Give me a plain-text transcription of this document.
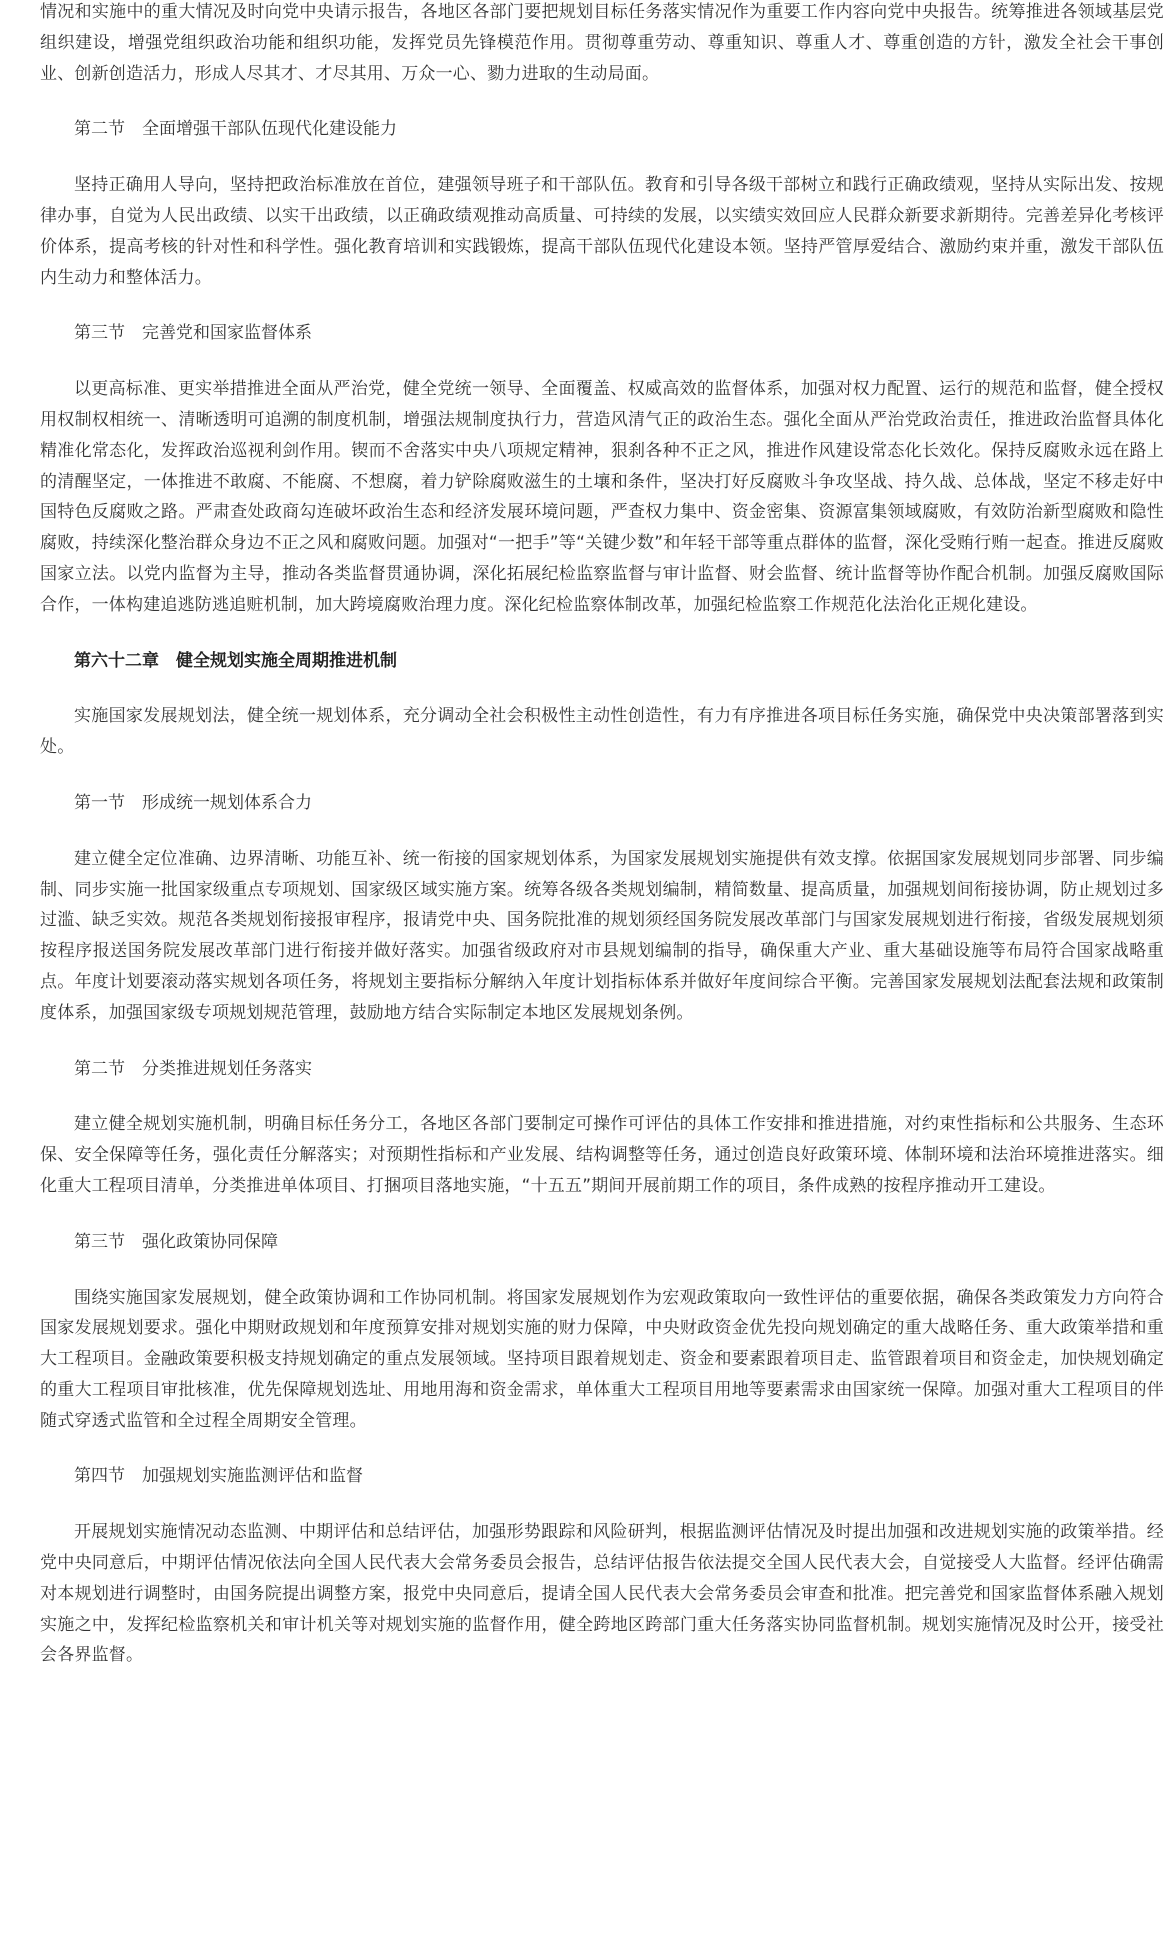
情况和实施中的重大情况及时向党中央请示报告，各地区各部门要把规划目标任务落实情况作为重要工作内容向党中央报告。统筹推进各领域基层党组织建设，增强党组织政治功能和组织功能，发挥党员先锋模范作用。贯彻尊重劳动、尊重知识、尊重人才、尊重创造的方针，激发全社会干事创业、创新创造活力，形成人尽其才、才尽其用、万众一心、勠力进取的生动局面。

第二节　全面增强干部队伍现代化建设能力

坚持正确用人导向，坚持把政治标准放在首位，建强领导班子和干部队伍。教育和引导各级干部树立和践行正确政绩观，坚持从实际出发、按规律办事，自觉为人民出政绩、以实干出政绩，以正确政绩观推动高质量、可持续的发展，以实绩实效回应人民群众新要求新期待。完善差异化考核评价体系，提高考核的针对性和科学性。强化教育培训和实践锻炼，提高干部队伍现代化建设本领。坚持严管厚爱结合、激励约束并重，激发干部队伍内生动力和整体活力。

第三节　完善党和国家监督体系

以更高标准、更实举措推进全面从严治党，健全党统一领导、全面覆盖、权威高效的监督体系，加强对权力配置、运行的规范和监督，健全授权用权制权相统一、清晰透明可追溯的制度机制，增强法规制度执行力，营造风清气正的政治生态。强化全面从严治党政治责任，推进政治监督具体化精准化常态化，发挥政治巡视利剑作用。锲而不舍落实中央八项规定精神，狠刹各种不正之风，推进作风建设常态化长效化。保持反腐败永远在路上的清醒坚定，一体推进不敢腐、不能腐、不想腐，着力铲除腐败滋生的土壤和条件，坚决打好反腐败斗争攻坚战、持久战、总体战，坚定不移走好中国特色反腐败之路。严肃查处政商勾连破坏政治生态和经济发展环境问题，严查权力集中、资金密集、资源富集领域腐败，有效防治新型腐败和隐性腐败，持续深化整治群众身边不正之风和腐败问题。加强对“一把手”等“关键少数”和年轻干部等重点群体的监督，深化受贿行贿一起查。推进反腐败国家立法。以党内监督为主导，推动各类监督贯通协调，深化拓展纪检监察监督与审计监督、财会监督、统计监督等协作配合机制。加强反腐败国际合作，一体构建追逃防逃追赃机制，加大跨境腐败治理力度。深化纪检监察体制改革，加强纪检监察工作规范化法治化正规化建设。

第六十二章　健全规划实施全周期推进机制

实施国家发展规划法，健全统一规划体系，充分调动全社会积极性主动性创造性，有力有序推进各项目标任务实施，确保党中央决策部署落到实处。

第一节　形成统一规划体系合力

建立健全定位准确、边界清晰、功能互补、统一衔接的国家规划体系，为国家发展规划实施提供有效支撑。依据国家发展规划同步部署、同步编制、同步实施一批国家级重点专项规划、国家级区域实施方案。统筹各级各类规划编制，精简数量、提高质量，加强规划间衔接协调，防止规划过多过滥、缺乏实效。规范各类规划衔接报审程序，报请党中央、国务院批准的规划须经国务院发展改革部门与国家发展规划进行衔接，省级发展规划须按程序报送国务院发展改革部门进行衔接并做好落实。加强省级政府对市县规划编制的指导，确保重大产业、重大基础设施等布局符合国家战略重点。年度计划要滚动落实规划各项任务，将规划主要指标分解纳入年度计划指标体系并做好年度间综合平衡。完善国家发展规划法配套法规和政策制度体系，加强国家级专项规划规范管理，鼓励地方结合实际制定本地区发展规划条例。

第二节　分类推进规划任务落实

建立健全规划实施机制，明确目标任务分工，各地区各部门要制定可操作可评估的具体工作安排和推进措施，对约束性指标和公共服务、生态环保、安全保障等任务，强化责任分解落实；对预期性指标和产业发展、结构调整等任务，通过创造良好政策环境、体制环境和法治环境推进落实。细化重大工程项目清单，分类推进单体项目、打捆项目落地实施，“十五五”期间开展前期工作的项目，条件成熟的按程序推动开工建设。

第三节　强化政策协同保障

围绕实施国家发展规划，健全政策协调和工作协同机制。将国家发展规划作为宏观政策取向一致性评估的重要依据，确保各类政策发力方向符合国家发展规划要求。强化中期财政规划和年度预算安排对规划实施的财力保障，中央财政资金优先投向规划确定的重大战略任务、重大政策举措和重大工程项目。金融政策要积极支持规划确定的重点发展领域。坚持项目跟着规划走、资金和要素跟着项目走、监管跟着项目和资金走，加快规划确定的重大工程项目审批核准，优先保障规划选址、用地用海和资金需求，单体重大工程项目用地等要素需求由国家统一保障。加强对重大工程项目的伴随式穿透式监管和全过程全周期安全管理。

第四节　加强规划实施监测评估和监督

开展规划实施情况动态监测、中期评估和总结评估，加强形势跟踪和风险研判，根据监测评估情况及时提出加强和改进规划实施的政策举措。经党中央同意后，中期评估情况依法向全国人民代表大会常务委员会报告，总结评估报告依法提交全国人民代表大会，自觉接受人大监督。经评估确需对本规划进行调整时，由国务院提出调整方案，报党中央同意后，提请全国人民代表大会常务委员会审查和批准。把完善党和国家监督体系融入规划实施之中，发挥纪检监察机关和审计机关等对规划实施的监督作用，健全跨地区跨部门重大任务落实协同监督机制。规划实施情况及时公开，接受社会各界监督。
